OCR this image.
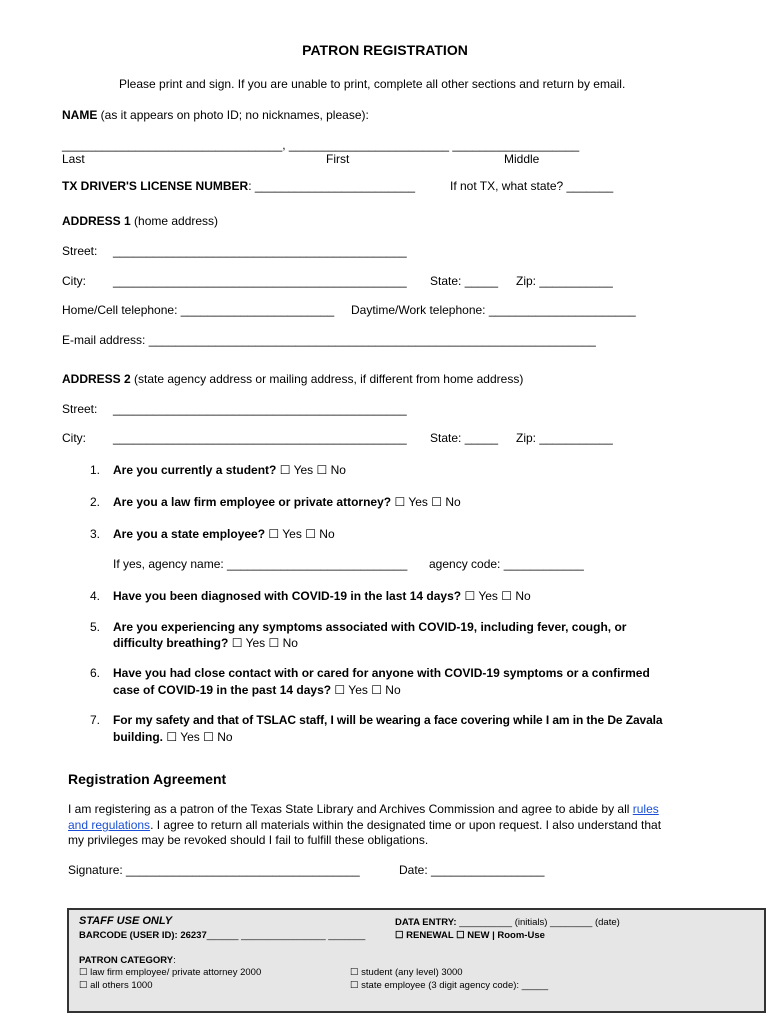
PATRON REGISTRATION
Please print and sign. If you are unable to print, complete all other sections and return by email.
NAME (as it appears on photo ID; no nicknames, please):
_________________________________, ________________________ ___________________
Last	First	Middle
TX DRIVER'S LICENSE NUMBER: ________________________	If not TX, what state? _______
ADDRESS 1 (home address)
Street: ____________________________________________
City: ____________________________________________ State: _____ Zip: ___________
Home/Cell telephone: _______________________ Daytime/Work telephone: ______________________
E-mail address: ___________________________________________________________________
ADDRESS 2 (state agency address or mailing address, if different from home address)
Street: ____________________________________________
City: ____________________________________________ State: _____ Zip: ___________
1. Are you currently a student? ☐ Yes ☐ No
2. Are you a law firm employee or private attorney? ☐ Yes ☐ No
3. Are you a state employee? ☐ Yes ☐ No
If yes, agency name: ___________________________ agency code: ____________
4. Have you been diagnosed with COVID-19 in the last 14 days? ☐ Yes ☐ No
5. Are you experiencing any symptoms associated with COVID-19, including fever, cough, or
difficulty breathing? ☐ Yes ☐ No
6. Have you had close contact with or cared for anyone with COVID-19 symptoms or a confirmed
case of COVID-19 in the past 14 days? ☐ Yes ☐ No
7. For my safety and that of TSLAC staff, I will be wearing a face covering while I am in the De Zavala
building. ☐ Yes ☐ No
Registration Agreement
I am registering as a patron of the Texas State Library and Archives Commission and agree to abide by all rules
and regulations. I agree to return all materials within the designated time or upon request. I also understand that
my privileges may be revoked should I fail to fulfill these obligations.
Signature: ___________________________________	Date: _________________
STAFF USE ONLY
BARCODE (USER ID): 26237______ ________________ _______
DATA ENTRY: __________ (initials) ________ (date)
☐ RENEWAL ☐ NEW | Room-Use
PATRON CATEGORY:
☐ law firm employee/ private attorney 2000	☐ student (any level) 3000
☐ all others 1000	☐ state employee (3 digit agency code): _____
